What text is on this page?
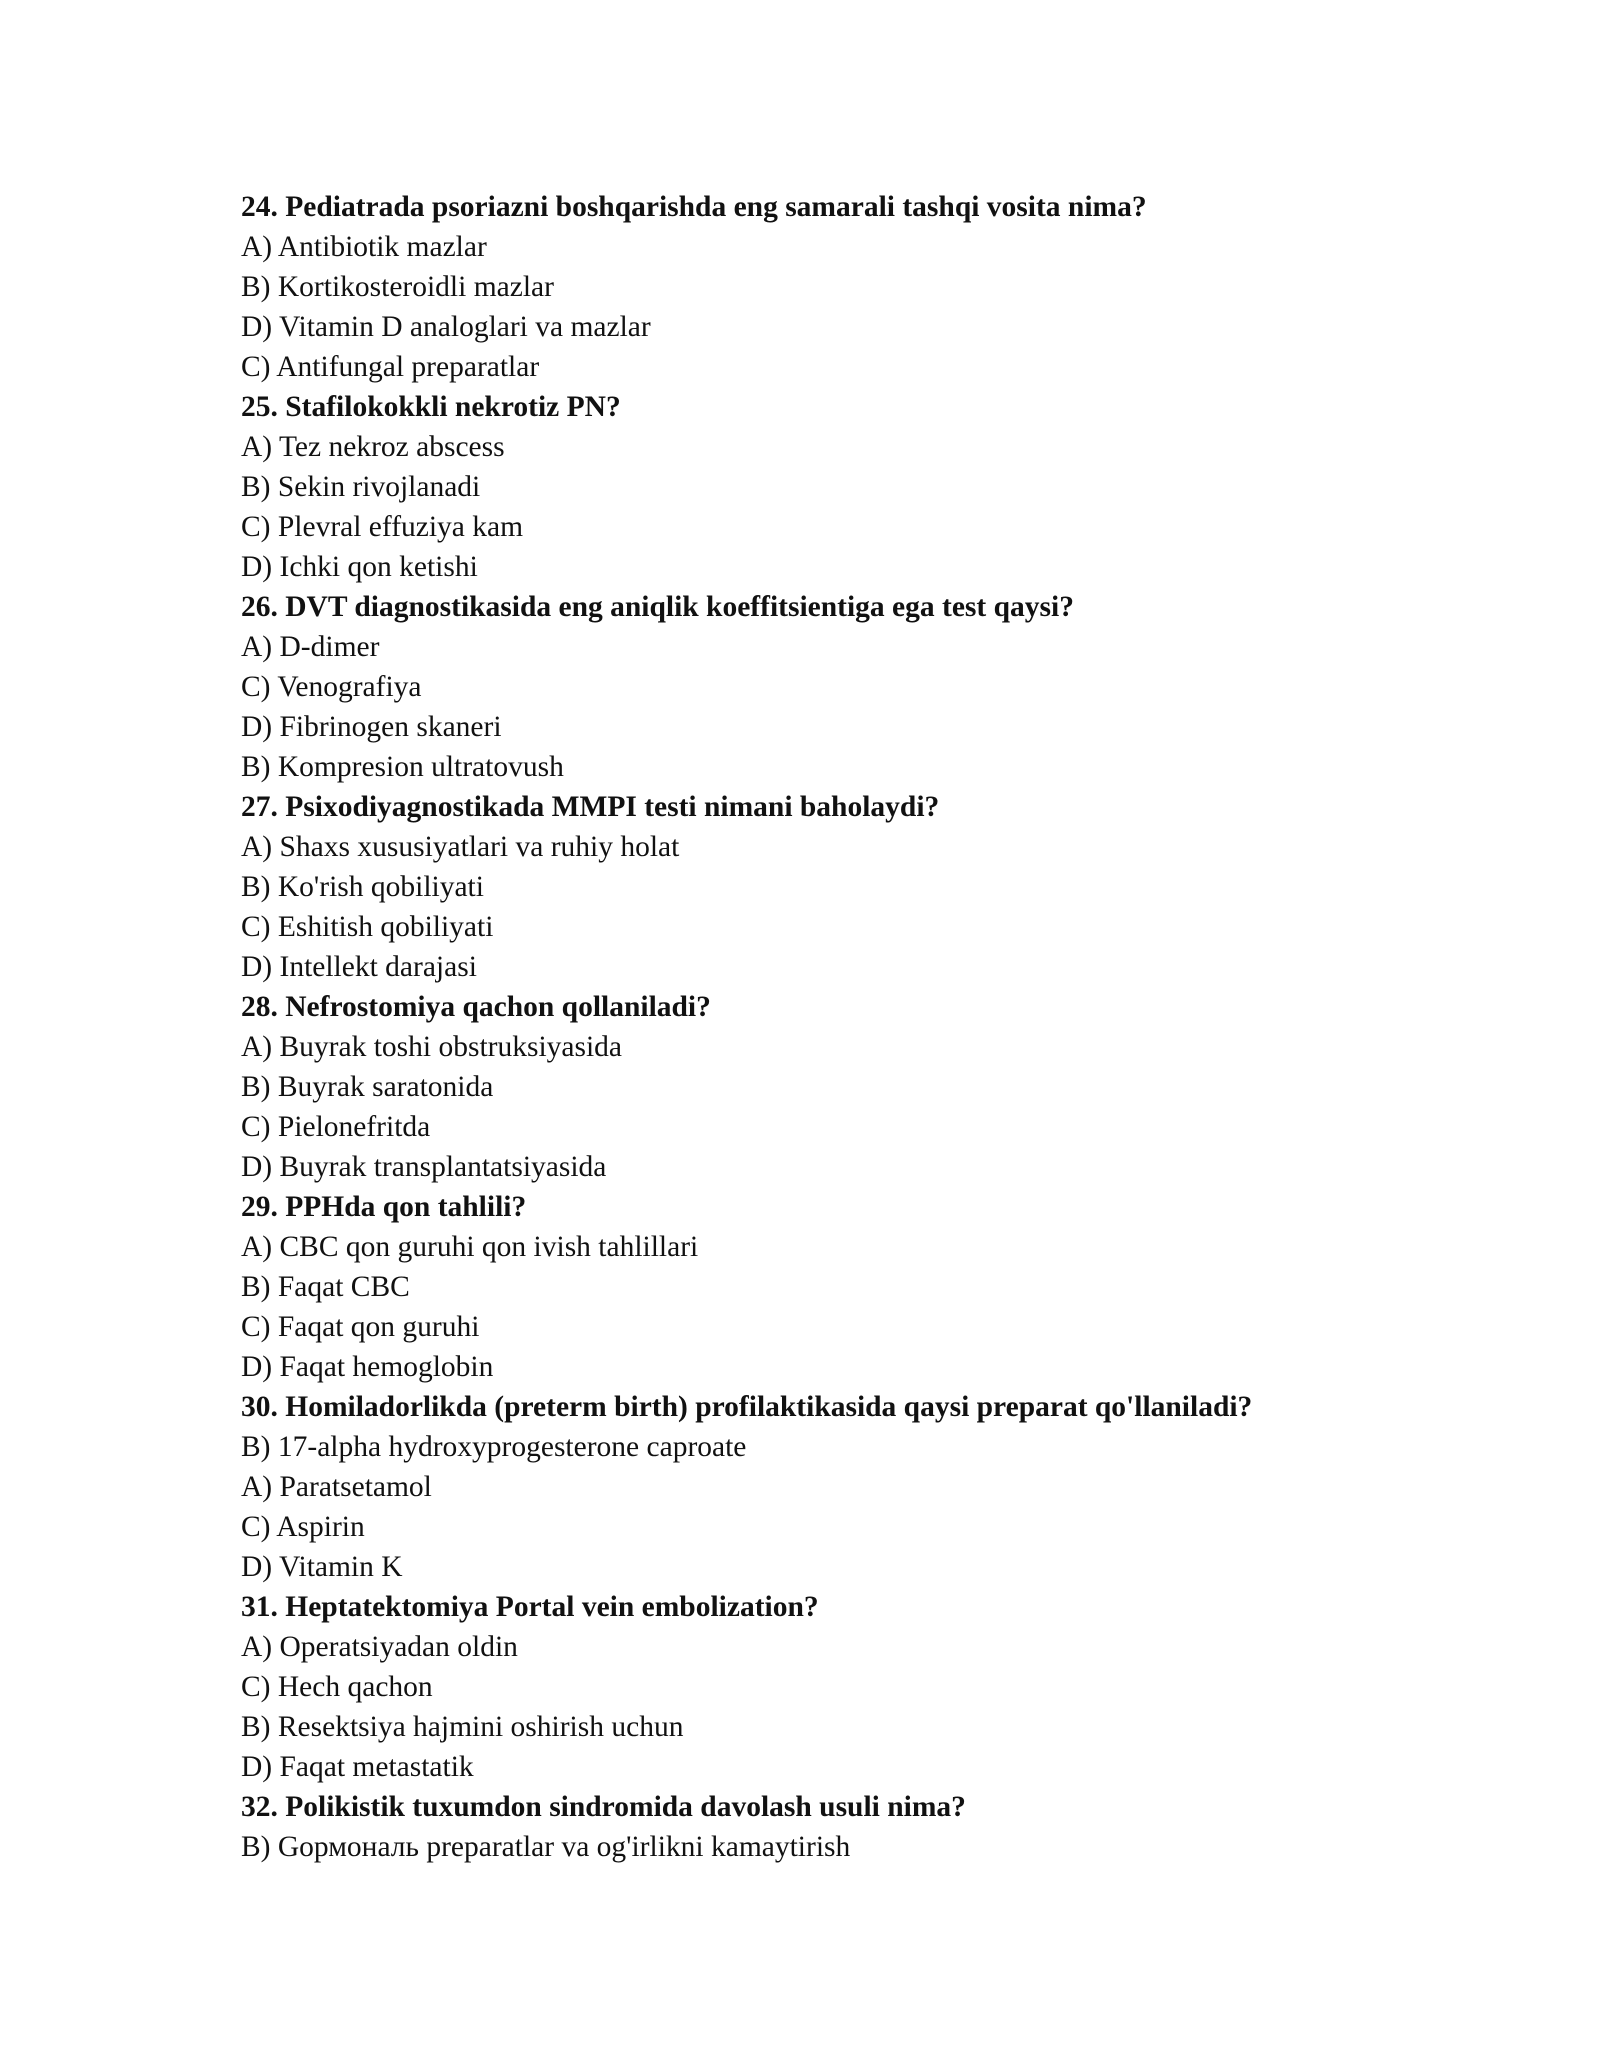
24. Pediatrada psoriazni boshqarishda eng samarali tashqi vosita nima?
A) Antibiotik mazlar
B) Kortikosteroidli mazlar
D) Vitamin D analoglari va mazlar
C) Antifungal preparatlar
25. Stafilokokkli nekrotiz PN?
A) Tez nekroz abscess
B) Sekin rivojlanadi
C) Plevral effuziya kam
D) Ichki qon ketishi
26. DVT diagnostikasida eng aniqlik koeffitsientiga ega test qaysi?
A) D-dimer
C) Venografiya
D) Fibrinogen skaneri
B) Kompresion ultratovush
27. Psixodiyagnostikada MMPI testi nimani baholaydi?
A) Shaxs xususiyatlari va ruhiy holat
B) Ko'rish qobiliyati
C) Eshitish qobiliyati
D) Intellekt darajasi
28. Nefrostomiya qachon qollaniladi?
A) Buyrak toshi obstruksiyasida
B) Buyrak saratonida
C) Pielonefritda
D) Buyrak transplantatsiyasida
29. PPHda qon tahlili?
A) CBC qon guruhi qon ivish tahlillari
B) Faqat CBC
C) Faqat qon guruhi
D) Faqat hemoglobin
30. Homiladorlikda (preterm birth) profilaktikasida qaysi preparat qo'llaniladi?
B) 17-alpha hydroxyprogesterone caproate
A) Paratsetamol
C) Aspirin
D) Vitamin K
31. Heptatektomiya Portal vein embolization?
A) Operatsiyadan oldin
C) Hech qachon
B) Resektsiya hajmini oshirish uchun
D) Faqat metastatik
32. Polikistik tuxumdon sindromida davolash usuli nima?
B) Gормональ preparatlar va og'irlikni kamaytirish
